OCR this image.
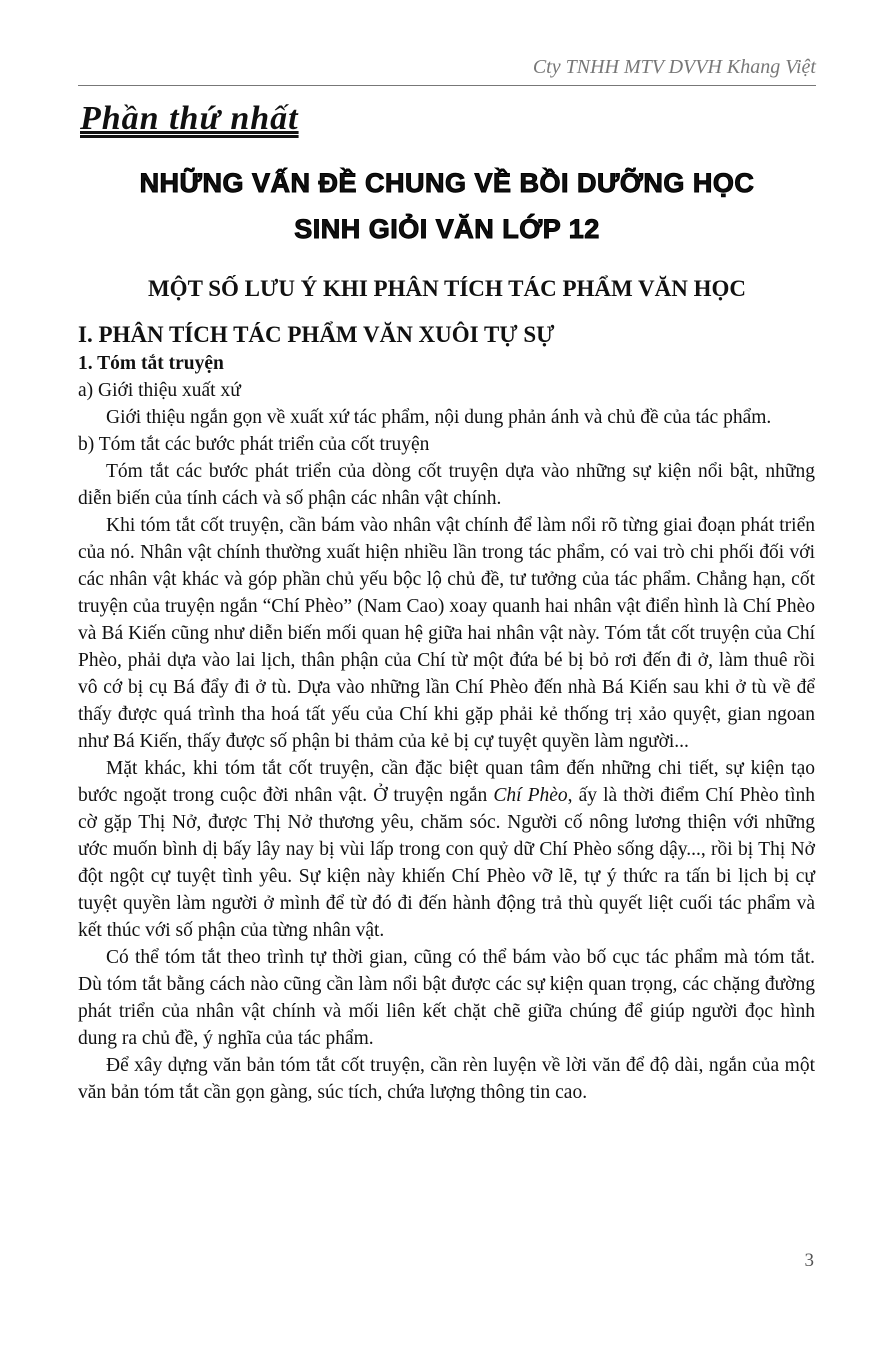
Cty TNHH MTV DVVH Khang Việt
Phần thứ nhất
NHỮNG VẤN ĐỀ CHUNG VỀ BỒI DƯỠNG HỌC
SINH GIỎI VĂN LỚP 12
MỘT SỐ LƯU Ý KHI PHÂN TÍCH TÁC PHẨM VĂN HỌC
I. PHÂN TÍCH TÁC PHẨM VĂN XUÔI TỰ SỰ
1. Tóm tắt truyện
a) Giới thiệu xuất xứ

Giới thiệu ngắn gọn về xuất xứ tác phẩm, nội dung phản ánh và chủ đề của tác phẩm.

b) Tóm tắt các bước phát triển của cốt truyện

Tóm tắt các bước phát triển của dòng cốt truyện dựa vào những sự kiện nổi bật, những diễn biến của tính cách và số phận các nhân vật chính.

Khi tóm tắt cốt truyện, cần bám vào nhân vật chính để làm nổi rõ từng giai đoạn phát triển của nó. Nhân vật chính thường xuất hiện nhiều lần trong tác phẩm, có vai trò chi phối đối với các nhân vật khác và góp phần chủ yếu bộc lộ chủ đề, tư tưởng của tác phẩm. Chẳng hạn, cốt truyện của truyện ngắn “Chí Phèo” (Nam Cao) xoay quanh hai nhân vật điển hình là Chí Phèo và Bá Kiến cũng như diễn biến mối quan hệ giữa hai nhân vật này. Tóm tắt cốt truyện của Chí Phèo, phải dựa vào lai lịch, thân phận của Chí từ một đứa bé bị bỏ rơi đến đi ở, làm thuê rồi vô cớ bị cụ Bá đẩy đi ở tù. Dựa vào những lần Chí Phèo đến nhà Bá Kiến sau khi ở tù về để thấy được quá trình tha hoá tất yếu của Chí khi gặp phải kẻ thống trị xảo quyệt, gian ngoan như Bá Kiến, thấy được số phận bi thảm của kẻ bị cự tuyệt quyền làm người...

Mặt khác, khi tóm tắt cốt truyện, cần đặc biệt quan tâm đến những chi tiết, sự kiện tạo bước ngoặt trong cuộc đời nhân vật. Ở truyện ngắn Chí Phèo, ấy là thời điểm Chí Phèo tình cờ gặp Thị Nở, được Thị Nở thương yêu, chăm sóc. Người cố nông lương thiện với những ước muốn bình dị bấy lây nay bị vùi lấp trong con quỷ dữ Chí Phèo sống dậy..., rồi bị Thị Nở đột ngột cự tuyệt tình yêu. Sự kiện này khiến Chí Phèo vỡ lẽ, tự ý thức ra tấn bi lịch bị cự tuyệt quyền làm người ở mình để từ đó đi đến hành động trả thù quyết liệt cuối tác phẩm và kết thúc với số phận của từng nhân vật.

Có thể tóm tắt theo trình tự thời gian, cũng có thể bám vào bố cục tác phẩm mà tóm tắt. Dù tóm tắt bằng cách nào cũng cần làm nổi bật được các sự kiện quan trọng, các chặng đường phát triển của nhân vật chính và mối liên kết chặt chẽ giữa chúng để giúp người đọc hình dung ra chủ đề, ý nghĩa của tác phẩm.

Để xây dựng văn bản tóm tắt cốt truyện, cần rèn luyện về lời văn để độ dài, ngắn của một văn bản tóm tắt cần gọn gàng, súc tích, chứa lượng thông tin cao.

3
